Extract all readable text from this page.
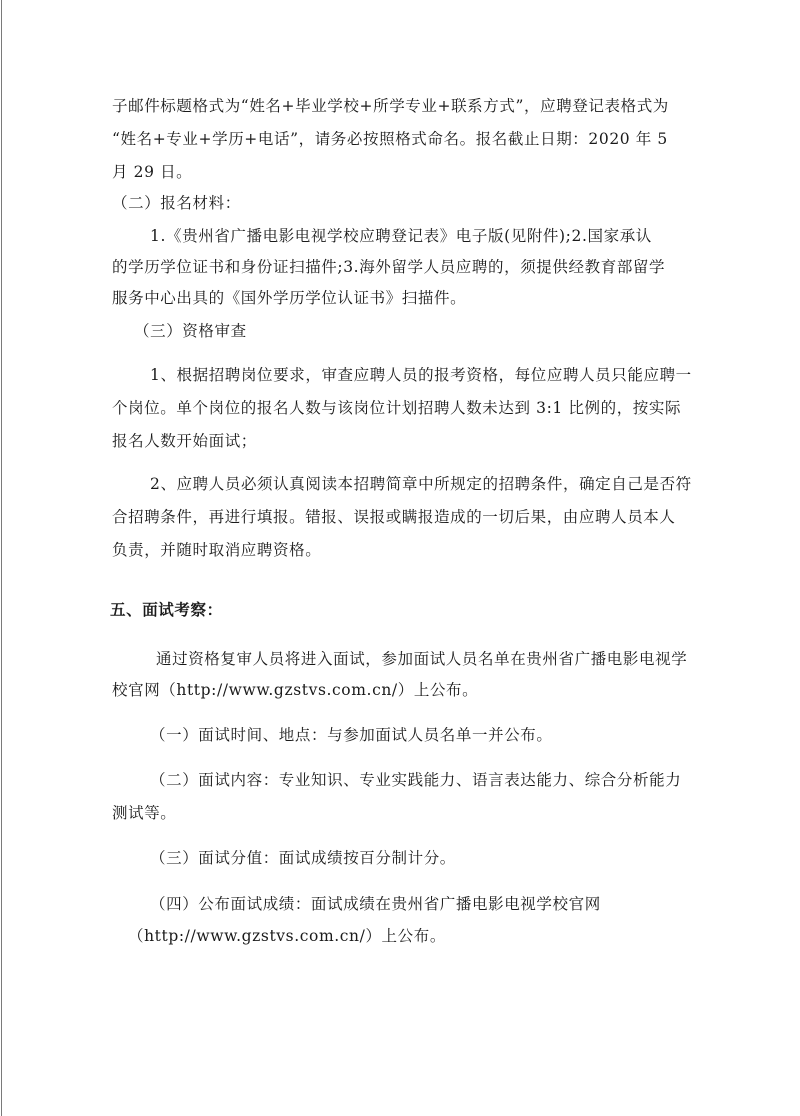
子邮件标题格式为“姓名+毕业学校+所学专业+联系方式”，应聘登记表格式为
“姓名+专业+学历+电话”，请务必按照格式命名。报名截止日期：2020 年 5
月 29 日。
（二）报名材料：
1.《贵州省广播电影电视学校应聘登记表》电子版(见附件);2.国家承认
的学历学位证书和身份证扫描件;3.海外留学人员应聘的，须提供经教育部留学
服务中心出具的《国外学历学位认证书》扫描件。
（三）资格审查
1、根据招聘岗位要求，审查应聘人员的报考资格，每位应聘人员只能应聘一
个岗位。单个岗位的报名人数与该岗位计划招聘人数未达到 3:1 比例的，按实际
报名人数开始面试；
2、应聘人员必须认真阅读本招聘简章中所规定的招聘条件，确定自己是否符
合招聘条件，再进行填报。错报、误报或瞒报造成的一切后果，由应聘人员本人
负责，并随时取消应聘资格。
五、面试考察：
通过资格复审人员将进入面试，参加面试人员名单在贵州省广播电影电视学
校官网（http://www.gzstvs.com.cn/）上公布。
（一）面试时间、地点：与参加面试人员名单一并公布。
（二）面试内容：专业知识、专业实践能力、语言表达能力、综合分析能力
测试等。
（三）面试分值：面试成绩按百分制计分。
（四）公布面试成绩：面试成绩在贵州省广播电影电视学校官网
（http://www.gzstvs.com.cn/）上公布。
